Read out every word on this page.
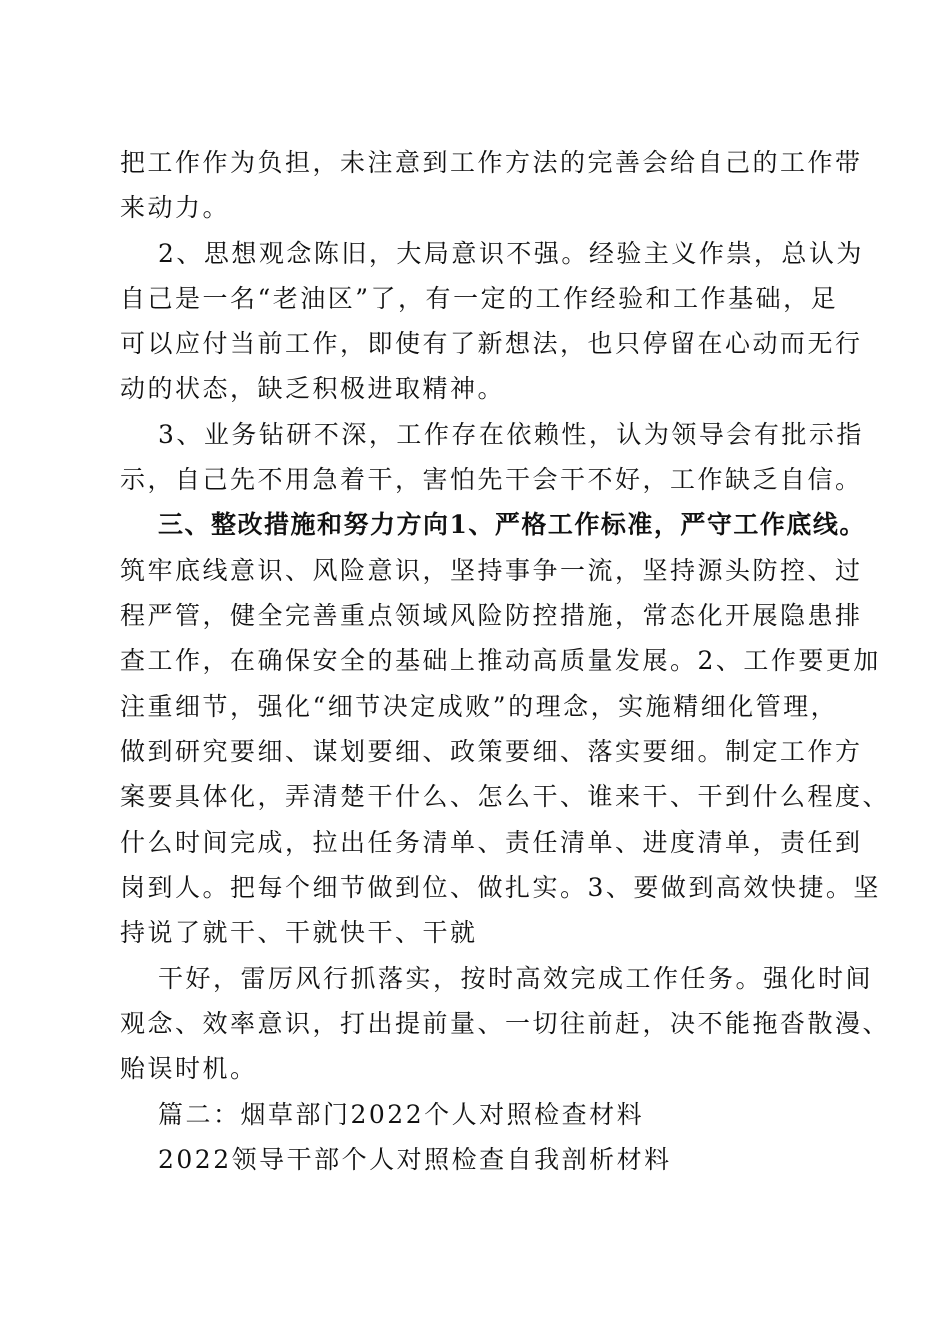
把工作作为负担，未注意到工作方法的完善会给自己的工作带
来动力。
2、思想观念陈旧，大局意识不强。经验主义作祟，总认为
自己是一名“老油区”了，有一定的工作经验和工作基础，足
可以应付当前工作，即使有了新想法，也只停留在心动而无行
动的状态，缺乏积极进取精神。
3、业务钻研不深，工作存在依赖性，认为领导会有批示指
示，自己先不用急着干，害怕先干会干不好，工作缺乏自信。
三、整改措施和努力方向1、严格工作标准，严守工作底线。
筑牢底线意识、风险意识，坚持事争一流，坚持源头防控、过
程严管，健全完善重点领域风险防控措施，常态化开展隐患排
查工作，在确保安全的基础上推动高质量发展。2、工作要更加
注重细节，强化“细节决定成败”的理念，实施精细化管理，
做到研究要细、谋划要细、政策要细、落实要细。制定工作方
案要具体化，弄清楚干什么、怎么干、谁来干、干到什么程度、
什么时间完成，拉出任务清单、责任清单、进度清单，责任到
岗到人。把每个细节做到位、做扎实。3、要做到高效快捷。坚
持说了就干、干就快干、干就
干好，雷厉风行抓落实，按时高效完成工作任务。强化时间
观念、效率意识，打出提前量、一切往前赶，决不能拖沓散漫、
贻误时机。
篇二：烟草部门2022个人对照检查材料
2022领导干部个人对照检查自我剖析材料
